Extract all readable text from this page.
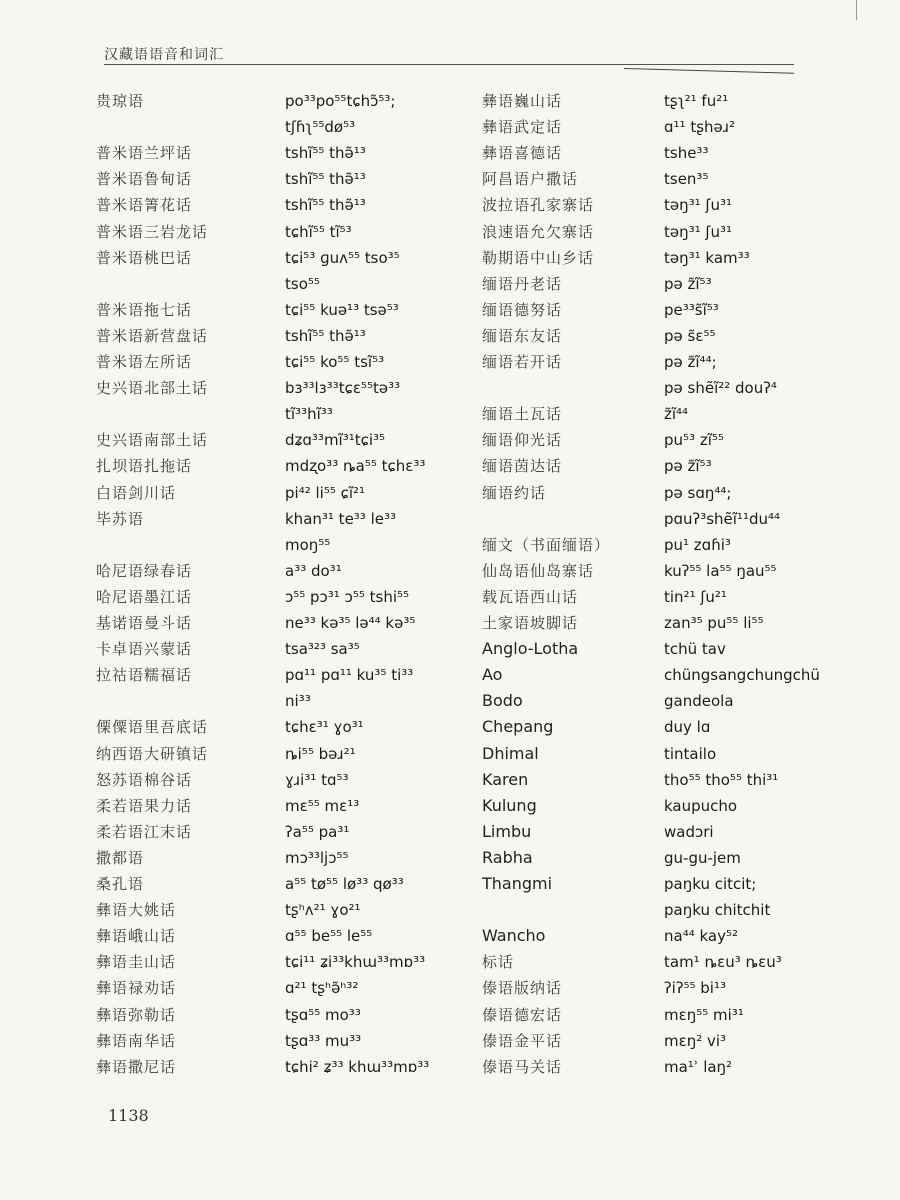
汉藏语语音和词汇
贵琼语
普米语兰坪话
普米语鲁甸话
普米语箐花话
普米语三岩龙话
普米语桃巴话
普米语拖七话
普米语新营盘话
普米语左所话
史兴语北部土话
史兴语南部土话
扎坝语扎拖话
白语剑川话
毕苏语
哈尼语绿春话
哈尼语墨江话
基诺语曼斗话
卡卓语兴蒙话
拉祜语糯福话
傈僳语里吾底话
纳西语大研镇话
怒苏语棉谷话
柔若语果力话
柔若语江末话
撒都语
桑孔语
彝语大姚话
彝语峨山话
彝语圭山话
彝语禄劝话
彝语弥勒话
彝语南华话
彝语撒尼话
po³³po⁵⁵tɕhɔ̃⁵³;
tʃɦʅ⁵⁵dø⁵³
tshĩ⁵⁵ thə̃¹³
tshĩ⁵⁵ thə̃¹³
tshĩ⁵⁵ thə̃¹³
tɕhĩ⁵⁵ tĩ⁵³
tɕi⁵³ ɡuʌ⁵⁵ tso³⁵
tso⁵⁵
tɕi⁵⁵ kuə¹³ tsə⁵³
tshĩ⁵⁵ thə̃¹³
tɕi⁵⁵ ko⁵⁵ tsĩ⁵³
bɜ³³lɜ³³tɕɛ⁵⁵tə³³
tĩ³³hĩ³³
dʑɑ³³mĩ³¹tɕi³⁵
mdʐo³³ ȵa⁵⁵ tɕhɛ³³
pi⁴² li⁵⁵ ɕĩ²¹
khan³¹ te³³ le³³
moŋ⁵⁵
a³³ do³¹
ɔ⁵⁵ pɔ³¹ ɔ⁵⁵ tshi⁵⁵
ne³³ kə³⁵ lə⁴⁴ kə³⁵
tsa³²³ sa³⁵
pɑ¹¹ pɑ¹¹ ku³⁵ ti³³
ni³³
tɕhɛ³¹ ɣo³¹
ȵi⁵⁵ bəɹ²¹
ɣɹi³¹ tɑ⁵³
mɛ⁵⁵ mɛ¹³
ʔa⁵⁵ pa³¹
mɔ³³ljɔ⁵⁵
a⁵⁵ tø⁵⁵ lø³³ qø³³
tʂʰʌ²¹ ɣo²¹
ɑ⁵⁵ be⁵⁵ le⁵⁵
tɕi¹¹ ʑi³³khɯ³³mɒ³³
ɑ²¹ tʂʰə̃ʰ³²
tʂɑ⁵⁵ mo³³
tʂɑ³³ mu³³
tɕhi² ʑ³³ khɯ³³mɒ³³
彝语巍山话
彝语武定话
彝语喜德话
阿昌语户撒话
波拉语孔家寨话
浪速语允欠寨话
勒期语中山乡话
缅语丹老话
缅语德努话
缅语东友话
缅语若开话
缅语土瓦话
缅语仰光话
缅语茵达话
缅语约话
缅文（书面缅语）
仙岛语仙岛寨话
载瓦语西山话
土家语坡脚话
Anglo-Lotha
Ao
Bodo
Chepang
Dhimal
Karen
Kulung
Limbu
Rabha
Thangmi
Wancho
标话
傣语版纳话
傣语德宏话
傣语金平话
傣语马关话
tʂʅ²¹ fu²¹
ɑ¹¹ tʂhəɹ²
tshe³³
tsen³⁵
təŋ³¹ ʃu³¹
təŋ³¹ ʃu³¹
təŋ³¹ kam³³
pə z̃ĩ⁵³
pe³³s̃ĩ⁵³
pə s̃ɛ⁵⁵
pə z̃ĩ⁴⁴;
pə shẽĩ²² douʔ⁴
z̃ĩ⁴⁴
pu⁵³ zĩ⁵⁵
pə z̃ĩ⁵³
pə sɑŋ⁴⁴;
pɑuʔ³shẽĩ¹¹du⁴⁴
pu¹ zɑɦi³
kuʔ⁵⁵ la⁵⁵ ŋau⁵⁵
tin²¹ ʃu²¹
zan³⁵ pu⁵⁵ li⁵⁵
tchü tav
chüngsangchungchü
gandeola
duy lɑ
tintailo
tho⁵⁵ tho⁵⁵ thi³¹
kaupucho
wadɔri
gu-gu-jem
paŋku citcit;
paŋku chitchit
na⁴⁴ kay⁵²
tam¹ ȵɛu³ ȵɛu³
ʔiʔ⁵⁵ bi¹³
mɛŋ⁵⁵ mi³¹
mɛŋ² vi³
ma¹ʾ laŋ²
1138
